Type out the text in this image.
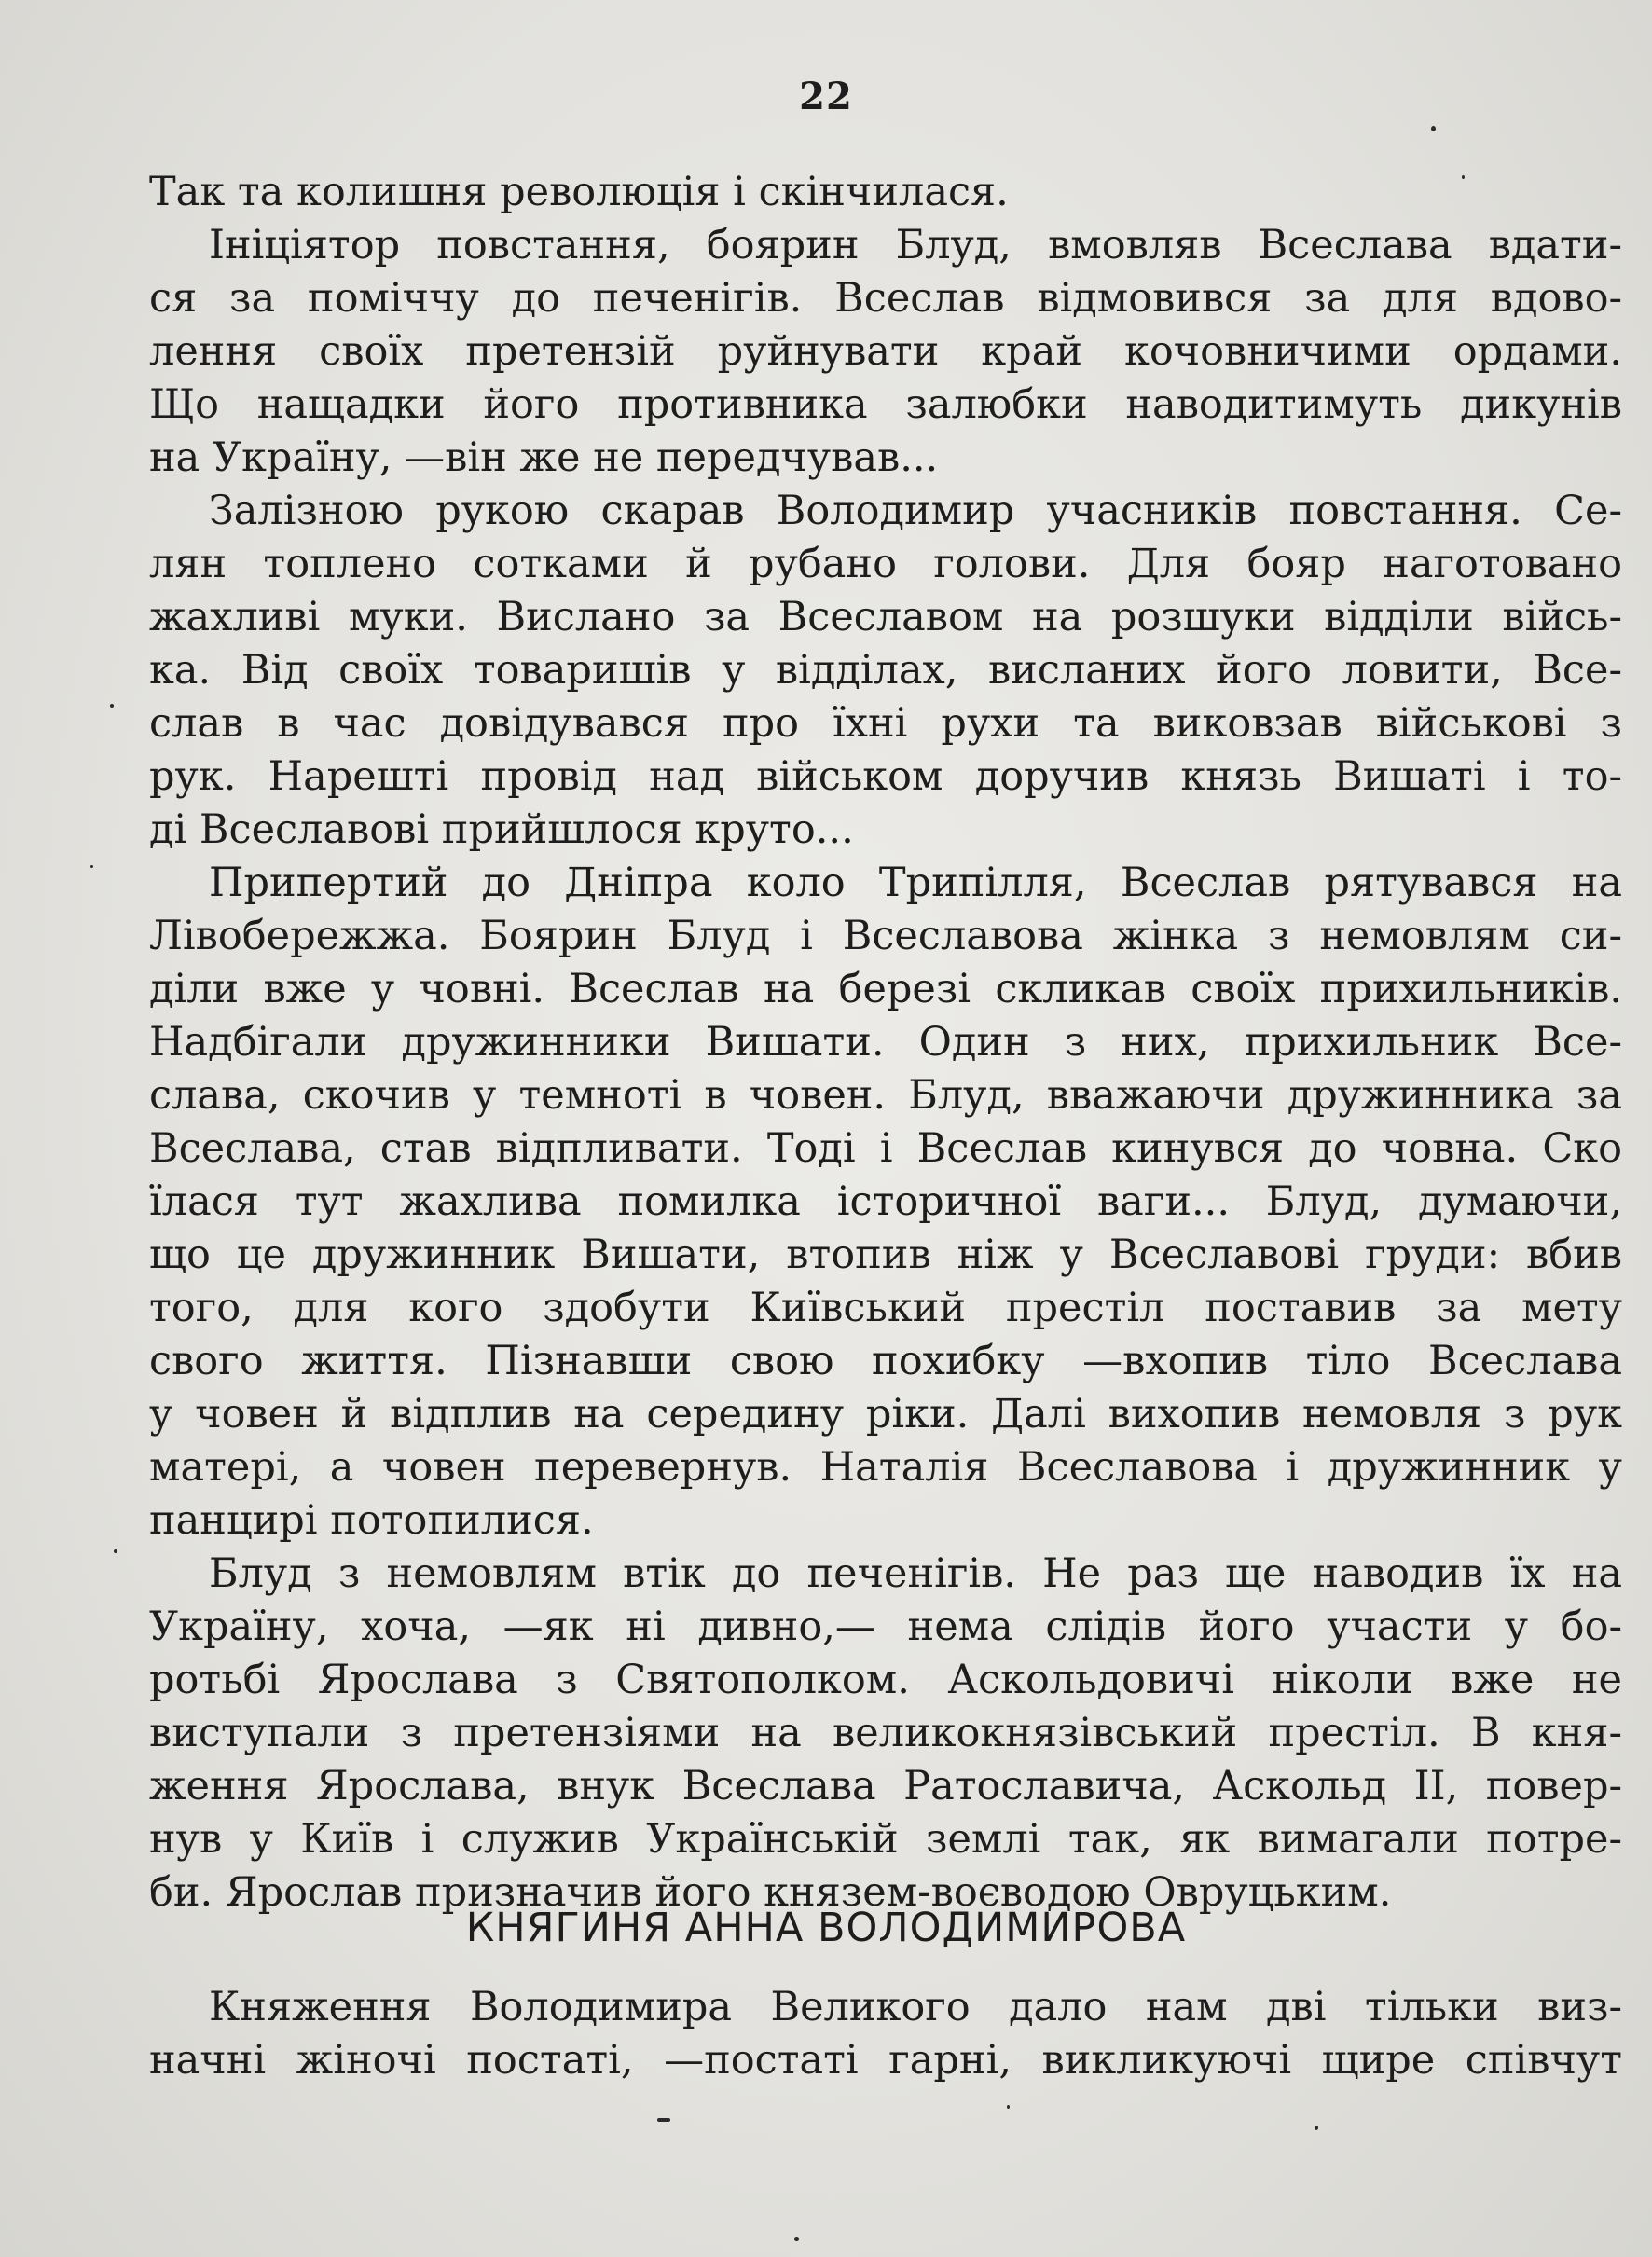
22
Так та колишня революція і скінчилася.
Ініціятор повстання, боярин Блуд, вмовляв Всеслава вдати-
ся за поміччу до печенігів. Всеслав відмовився за для вдово-
лення своїх претензій руйнувати край кочовничими ордами.
Що нащадки його противника залюбки наводитимуть дикунів
на Україну, —він же не передчував...
Залізною рукою скарав Володимир учасників повстання. Се-
лян топлено сотками й рубано голови. Для бояр наготовано
жахливі муки. Вислано за Всеславом на розшуки відділи війсь-
ка. Від своїх товаришів у відділах, висланих його ловити, Все-
слав в час довідувався про їхні рухи та виковзав військові з
рук. Нарешті провід над військом доручив князь Вишаті і то-
ді Всеславові прийшлося круто...
Припертий до Дніпра коло Трипілля, Всеслав рятувався на
Лівобережжа. Боярин Блуд і Всеславова жінка з немовлям си-
діли вже у човні. Всеслав на березі скликав своїх прихильників.
Надбігали дружинники Вишати. Один з них, прихильник Все-
слава, скочив у темноті в човен. Блуд, вважаючи дружинника за
Всеслава, став відпливати. Тоді і Всеслав кинувся до човна. Ско
їлася тут жахлива помилка історичної ваги... Блуд, думаючи,
що це дружинник Вишати, втопив ніж у Всеславові груди: вбив
того, для кого здобути Київський престіл поставив за мету
свого життя. Пізнавши свою похибку —вхопив тіло Всеслава
у човен й відплив на середину ріки. Далі вихопив немовля з рук
матері, а човен перевернув. Наталія Всеславова і дружинник у
панцирі потопилися.
Блуд з немовлям втік до печенігів. Не раз ще наводив їх на
Україну, хоча, —як ні дивно,— нема слідів його участи у бо-
ротьбі Ярослава з Святополком. Аскольдовичі ніколи вже не
виступали з претензіями на великокнязівський престіл. В кня-
ження Ярослава, внук Всеслава Ратославича, Аскольд II, повер-
нув у Київ і служив Українській землі так, як вимагали потре-
би. Ярослав призначив його князем-воєводою Овруцьким.
КНЯГИНЯ АННА ВОЛОДИМИРОВА
Княження Володимира Великого дало нам дві тільки виз-
начні жіночі постаті, —постаті гарні, викликуючі щире співчут
